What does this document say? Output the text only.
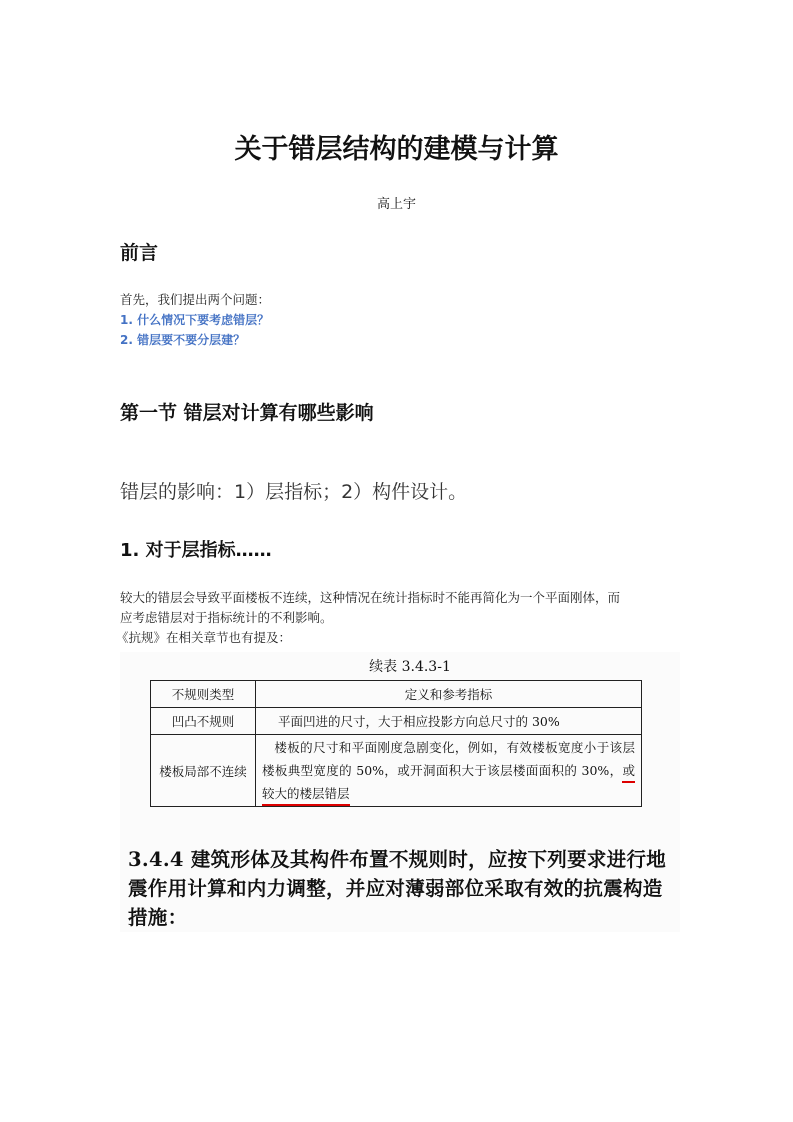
关于错层结构的建模与计算
高上宇
前言
首先，我们提出两个问题：
1. 什么情况下要考虑错层？
2. 错层要不要分层建？
第一节 错层对计算有哪些影响
错层的影响：1）层指标；2）构件设计。
1. 对于层指标……
较大的错层会导致平面楼板不连续，这种情况在统计指标时不能再简化为一个平面刚体，而
应考虑错层对于指标统计的不利影响。
《抗规》在相关章节也有提及：
续表 3.4.3-1
不规则类型	定义和参考指标
凹凸不规则	平面凹进的尺寸，大于相应投影方向总尺寸的 30%
楼板局部不连续	楼板的尺寸和平面刚度急剧变化，例如，有效楼板宽度小于该层楼板典型宽度的 50%，或开洞面积大于该层楼面面积的 30%，或较大的楼层错层
3.4.4 建筑形体及其构件布置不规则时，应按下列要求进行地
震作用计算和内力调整，并应对薄弱部位采取有效的抗震构造
措施：
